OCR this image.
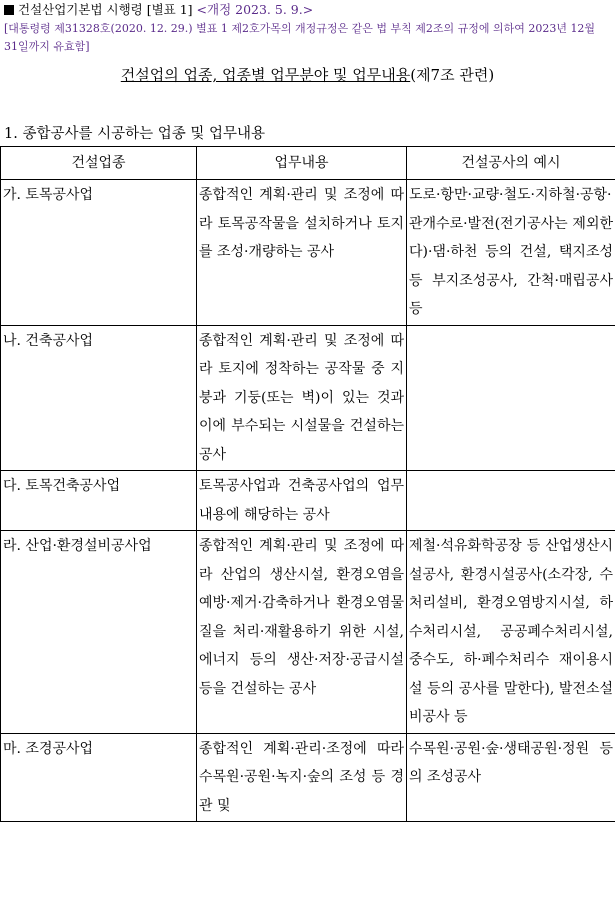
건설산업기본법 시행령 [별표 1] <개정 2023. 5. 9.>
[대통령령 제31328호(2020. 12. 29.) 별표 1 제2호가목의 개정규정은 같은 법 부칙 제2조의 규정에 의하여 2023년 12월 31일까지 유효함]
건설업의 업종, 업종별 업무분야 및 업무내용(제7조 관련)
1. 종합공사를 시공하는 업종 및 업무내용
건설업종	업무내용	건설공사의 예시
가. 토목공사업	종합적인 계획·관리 및 조정에 따라 토목공작물을 설치하거나 토지를 조성·개량하는 공사	도로·항만·교량·철도·지하철·공항·관개수로·발전(전기공사는 제외한다)·댐·하천 등의 건설, 택지조성 등 부지조성공사, 간척·매립공사 등
나. 건축공사업	종합적인 계획·관리 및 조정에 따라 토지에 정착하는 공작물 중 지붕과 기둥(또는 벽)이 있는 것과 이에 부수되는 시설물을 건설하는 공사	
다. 토목건축공사업	토목공사업과 건축공사업의 업무내용에 해당하는 공사	
라. 산업·환경설비공사업	종합적인 계획·관리 및 조정에 따라 산업의 생산시설, 환경오염을 예방·제거·감축하거나 환경오염물질을 처리·재활용하기 위한 시설, 에너지 등의 생산·저장·공급시설 등을 건설하는 공사	제철·석유화학공장 등 산업생산시설공사, 환경시설공사(소각장, 수처리설비, 환경오염방지시설, 하수처리시설, 공공폐수처리시설, 중수도, 하·폐수처리수 재이용시설 등의 공사를 말한다), 발전소설비공사 등
마. 조경공사업	종합적인 계획·관리·조정에 따라 수목원·공원·녹지·숲의 조성 등 경관 및	수목원·공원·숲·생태공원·정원 등의 조성공사
